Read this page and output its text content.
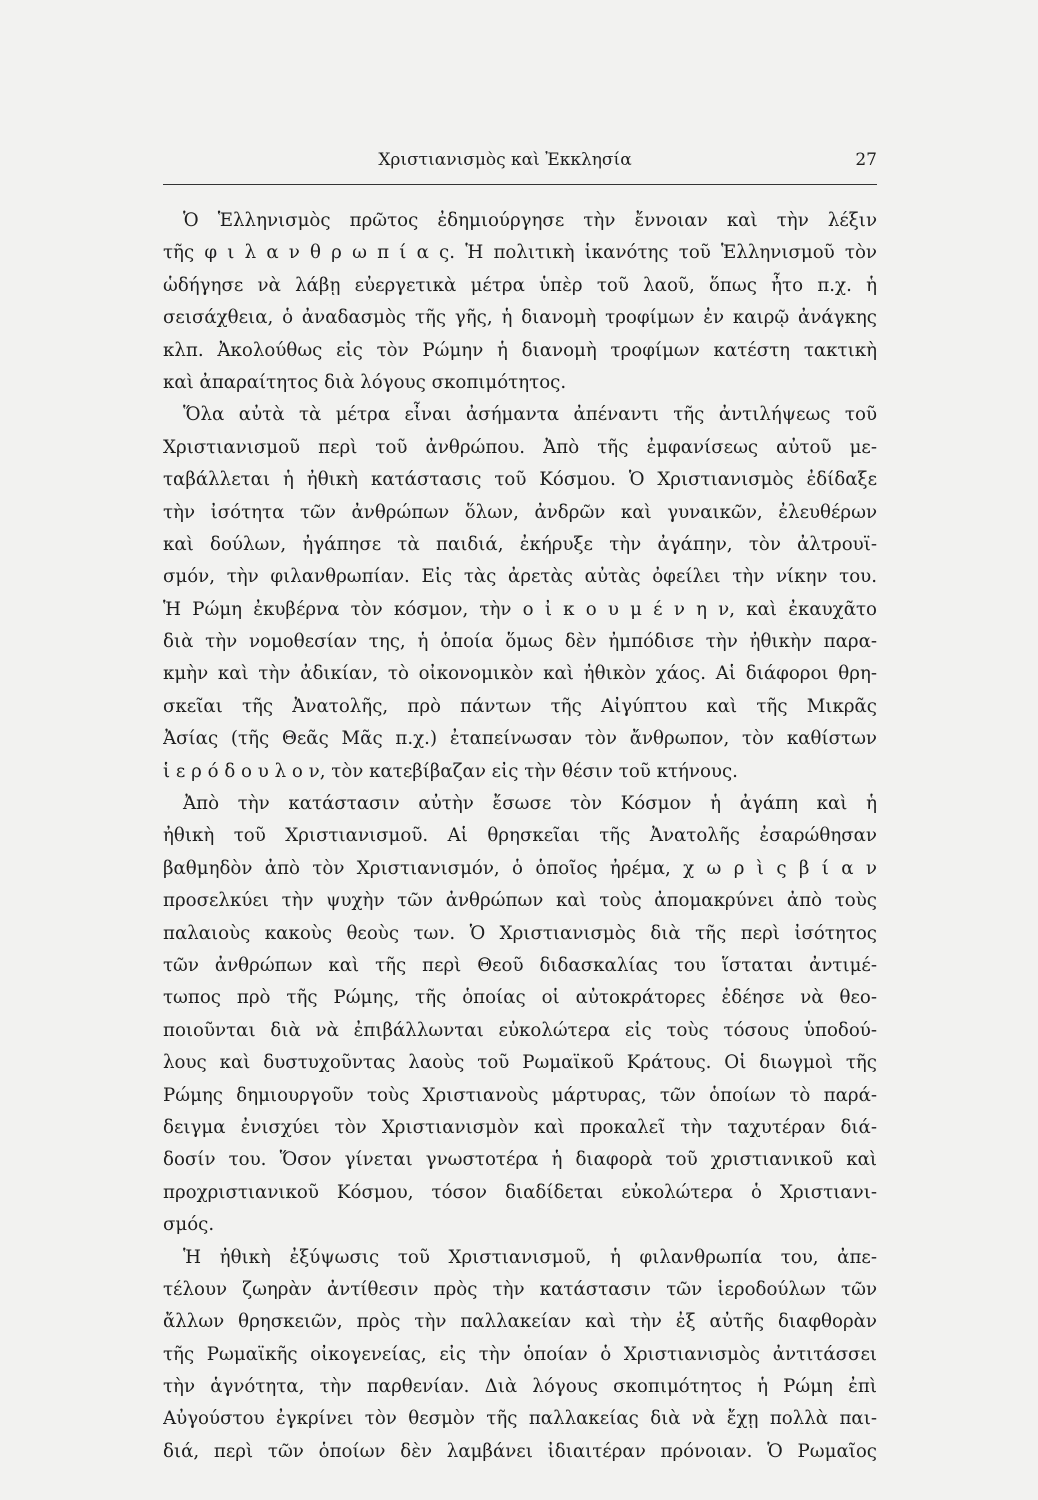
Χριστιανισμὸς καὶ Ἐκκλησία	27
Ὁ Ἑλληνισμὸς πρῶτος ἐδημιούργησε τὴν ἔννοιαν καὶ τὴν λέξιν
τῆς φ ι λ α ν θ ρ ω π ί α ς. Ἡ πολιτικὴ ἱκανότης τοῦ Ἑλληνισμοῦ τὸν
ὡδήγησε νὰ λάβῃ εὐεργετικὰ μέτρα ὑπὲρ τοῦ λαοῦ, ὅπως ἦτο π.χ. ἡ
σεισάχθεια, ὁ ἀναδασμὸς τῆς γῆς, ἡ διανομὴ τροφίμων ἐν καιρῷ ἀνάγκης
κλπ. Ἀκολούθως εἰς τὸν Ρώμην ἡ διανομὴ τροφίμων κατέστη τακτικὴ
καὶ ἀπαραίτητος διὰ λόγους σκοπιμότητος.
Ὅλα αὐτὰ τὰ μέτρα εἶναι ἀσήμαντα ἀπέναντι τῆς ἀντιλήψεως τοῦ
Χριστιανισμοῦ περὶ τοῦ ἀνθρώπου. Ἀπὸ τῆς ἐμφανίσεως αὐτοῦ με-
ταβάλλεται ἡ ἠθικὴ κατάστασις τοῦ Κόσμου. Ὁ Χριστιανισμὸς ἐδίδαξε
τὴν ἰσότητα τῶν ἀνθρώπων ὅλων, ἀνδρῶν καὶ γυναικῶν, ἐλευθέρων
καὶ δούλων, ἠγάπησε τὰ παιδιά, ἐκήρυξε τὴν ἀγάπην, τὸν ἀλτρουϊ-
σμόν, τὴν φιλανθρωπίαν. Εἰς τὰς ἀρετὰς αὐτὰς ὀφείλει τὴν νίκην του.
Ἡ Ρώμη ἐκυβέρνα τὸν κόσμον, τὴν ο ἰ κ ο υ μ έ ν η ν, καὶ ἐκαυχᾶτο
διὰ τὴν νομοθεσίαν της, ἡ ὁποία ὅμως δὲν ἠμπόδισε τὴν ἠθικὴν παρα-
κμὴν καὶ τὴν ἀδικίαν, τὸ οἰκονομικὸν καὶ ἠθικὸν χάος. Αἱ διάφοροι θρη-
σκεῖαι τῆς Ἀνατολῆς, πρὸ πάντων τῆς Αἰγύπτου καὶ τῆς Μικρᾶς
Ἀσίας (τῆς Θεᾶς Μᾶς π.χ.) ἐταπείνωσαν τὸν ἄνθρωπον, τὸν καθίστων
ἱ ε ρ ό δ ο υ λ ο ν, τὸν κατεβίβαζαν εἰς τὴν θέσιν τοῦ κτήνους.
Ἀπὸ τὴν κατάστασιν αὐτὴν ἔσωσε τὸν Κόσμον ἡ ἀγάπη καὶ ἡ
ἠθικὴ τοῦ Χριστιανισμοῦ. Αἱ θρησκεῖαι τῆς Ἀνατολῆς ἐσαρώθησαν
βαθμηδὸν ἀπὸ τὸν Χριστιανισμόν, ὁ ὁποῖος ἠρέμα, χ ω ρ ὶ ς β ί α ν
προσελκύει τὴν ψυχὴν τῶν ἀνθρώπων καὶ τοὺς ἀπομακρύνει ἀπὸ τοὺς
παλαιοὺς κακοὺς θεοὺς των. Ὁ Χριστιανισμὸς διὰ τῆς περὶ ἰσότητος
τῶν ἀνθρώπων καὶ τῆς περὶ Θεοῦ διδασκαλίας του ἵσταται ἀντιμέ-
τωπος πρὸ τῆς Ρώμης, τῆς ὁποίας οἱ αὐτοκράτορες ἐδέησε νὰ θεο-
ποιοῦνται διὰ νὰ ἐπιβάλλωνται εὐκολώτερα εἰς τοὺς τόσους ὑποδού-
λους καὶ δυστυχοῦντας λαοὺς τοῦ Ρωμαϊκοῦ Κράτους. Οἱ διωγμοὶ τῆς
Ρώμης δημιουργοῦν τοὺς Χριστιανοὺς μάρτυρας, τῶν ὁποίων τὸ παρά-
δειγμα ἐνισχύει τὸν Χριστιανισμὸν καὶ προκαλεῖ τὴν ταχυτέραν διά-
δοσίν του. Ὅσον γίνεται γνωστοτέρα ἡ διαφορὰ τοῦ χριστιανικοῦ καὶ
προχριστιανικοῦ Κόσμου, τόσον διαδίδεται εὐκολώτερα ὁ Χριστιανι-
σμός.
Ἡ ἠθικὴ ἐξύψωσις τοῦ Χριστιανισμοῦ, ἡ φιλανθρωπία του, ἀπε-
τέλουν ζωηρὰν ἀντίθεσιν πρὸς τὴν κατάστασιν τῶν ἱεροδούλων τῶν
ἄλλων θρησκειῶν, πρὸς τὴν παλλακείαν καὶ τὴν ἐξ αὐτῆς διαφθορὰν
τῆς Ρωμαϊκῆς οἰκογενείας, εἰς τὴν ὁποίαν ὁ Χριστιανισμὸς ἀντιτάσσει
τὴν ἁγνότητα, τὴν παρθενίαν. Διὰ λόγους σκοπιμότητος ἡ Ρώμη ἐπὶ
Αὐγούστου ἐγκρίνει τὸν θεσμὸν τῆς παλλακείας διὰ νὰ ἔχῃ πολλὰ παι-
διά, περὶ τῶν ὁποίων δὲν λαμβάνει ἰδιαιτέραν πρόνοιαν. Ὁ Ρωμαῖος
